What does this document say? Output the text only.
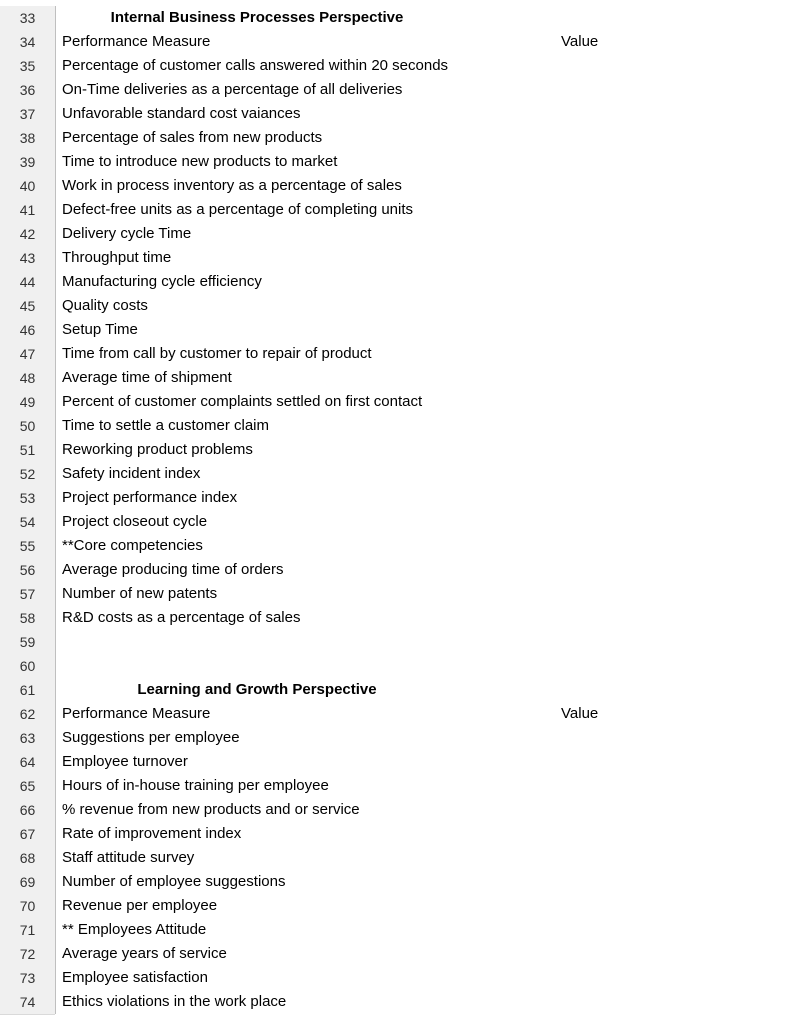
33	Internal Business Processes Perspective
34	Performance Measure	Value
35	Percentage of customer calls answered within 20 seconds
36	On-Time deliveries as a percentage of all deliveries
37	Unfavorable standard cost vaiances
38	Percentage of sales from new products
39	Time to introduce new products to market
40	Work in process inventory as a percentage of sales
41	Defect-free units as a percentage of completing units
42	Delivery cycle Time
43	Throughput time
44	Manufacturing cycle efficiency
45	Quality costs
46	Setup Time
47	Time from call by customer to repair of product
48	Average time of shipment
49	Percent of customer complaints settled on first contact
50	Time to settle a customer claim
51	Reworking product problems
52	Safety incident index
53	Project performance index
54	Project closeout cycle
55	**Core competencies
56	Average producing time of orders
57	Number of new patents
58	R&D costs as a percentage of sales
59
60
61	Learning and Growth Perspective
62	Performance Measure	Value
63	Suggestions per employee
64	Employee turnover
65	Hours of in-house training per employee
66	% revenue from new products and or service
67	Rate of improvement index
68	Staff attitude survey
69	Number of employee suggestions
70	Revenue per employee
71	** Employees Attitude
72	Average years of service
73	Employee satisfaction
74	Ethics violations in the work place
